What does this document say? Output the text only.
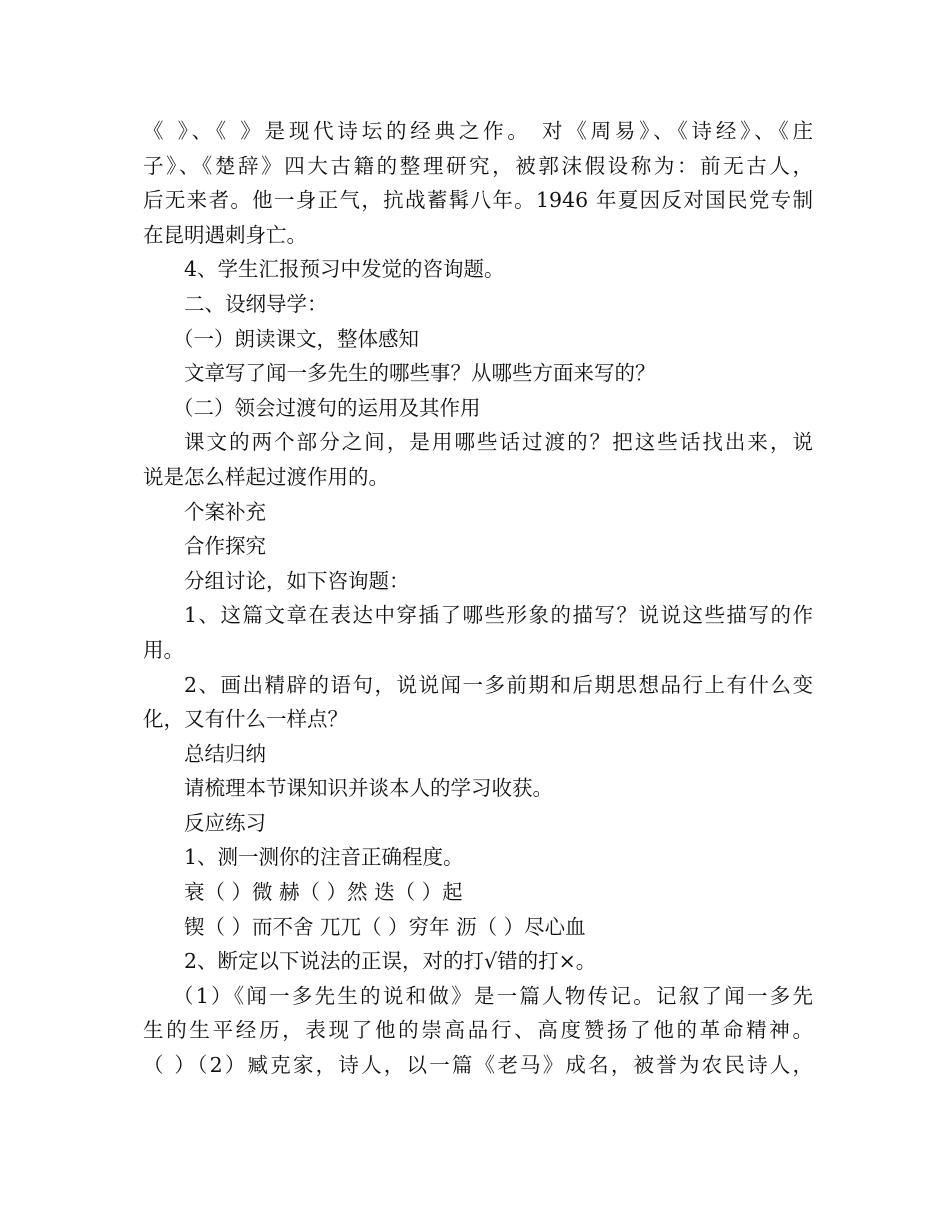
《 》、《 》是现代诗坛的经典之作。 对《周易》、《诗经》、《庄

子》、《楚辞》四大古籍的整理研究，被郭沫假设称为：前无古人，

后无来者。他一身正气，抗战蓄髯八年。1946 年夏因反对国民党专制

在昆明遇刺身亡。

4、学生汇报预习中发觉的咨询题。

二、设纲导学：

（一）朗读课文，整体感知

文章写了闻一多先生的哪些事？从哪些方面来写的？

（二）领会过渡句的运用及其作用

课文的两个部分之间，是用哪些话过渡的？把这些话找出来，说

说是怎么样起过渡作用的。

个案补充

合作探究

分组讨论，如下咨询题：

1、这篇文章在表达中穿插了哪些形象的描写？说说这些描写的作

用。

2、画出精辟的语句，说说闻一多前期和后期思想品行上有什么变

化，又有什么一样点？

总结归纳

请梳理本节课知识并谈本人的学习收获。

反应练习

1、测一测你的注音正确程度。

衰（ ）微 赫（ ）然 迭（ ）起

锲（ ）而不舍 兀兀（ ）穷年 沥（ ）尽心血

2、断定以下说法的正误，对的打√错的打×。

（1）《闻一多先生的说和做》是一篇人物传记。记叙了闻一多先

生的生平经历，表现了他的崇高品行、高度赞扬了他的革命精神。

（ ）（2）臧克家，诗人，以一篇《老马》成名，被誉为农民诗人，
